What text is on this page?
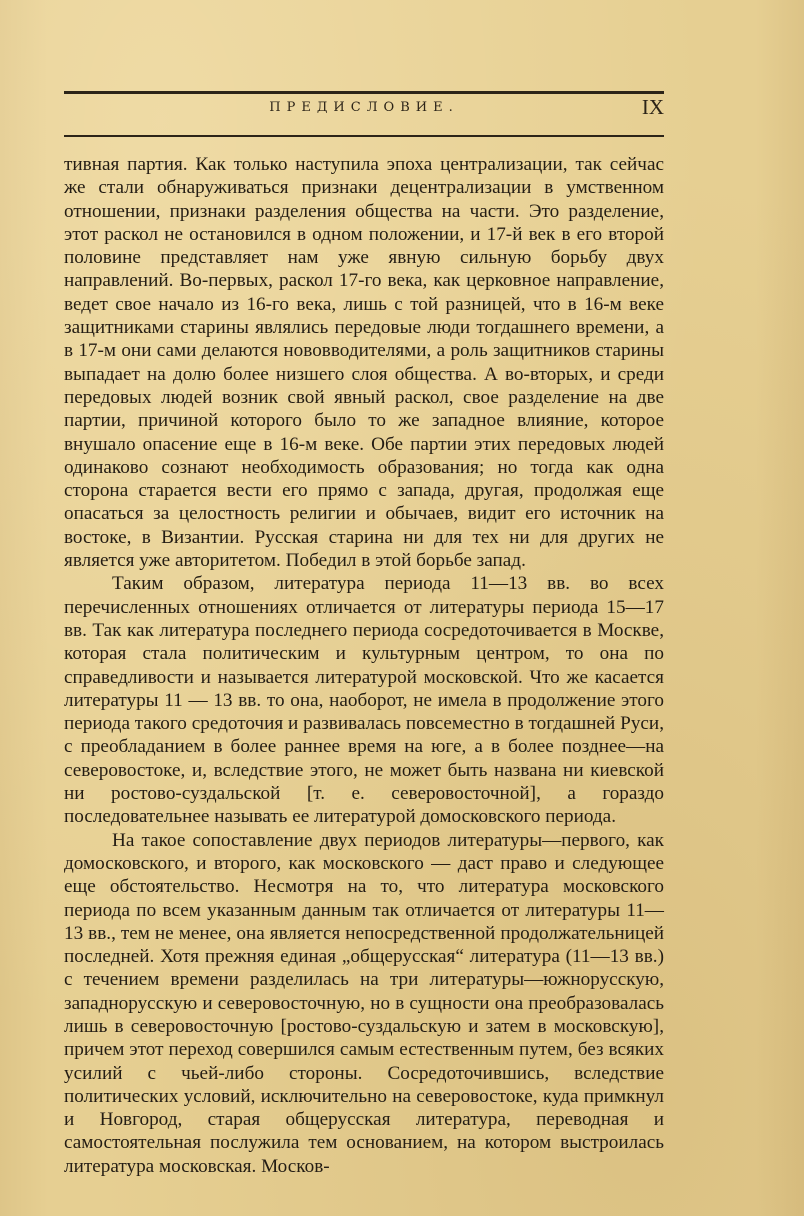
ПРЕДИСЛОВИЕ.	IX

тивная партия. Как только наступила эпоха централизации, так сейчас же стали обнаруживаться признаки децентрализации в умственном отношении, признаки разделения общества на части. Это разделение, этот раскол не остановился в одном положении, и 17-й век в его второй половине представляет нам уже явную сильную борьбу двух направлений. Во-первых, раскол 17-го века, как церковное направление, ведет свое начало из 16-го века, лишь с той разницей, что в 16-м веке защитниками старины являлись передовые люди тогдашнего времени, а в 17-м они сами делаются нововводителями, а роль защитников старины выпадает на долю более низшего слоя общества. А во-вторых, и среди передовых людей возник свой явный раскол, свое разделение на две партии, причиной которого было то же западное влияние, которое внушало опасение еще в 16-м веке. Обе партии этих передовых людей одинаково сознают необходимость образования; но тогда как одна сторона старается вести его прямо с запада, другая, продолжая еще опасаться за целостность религии и обычаев, видит его источник на востоке, в Византии. Русская старина ни для тех ни для других не является уже авторитетом. Победил в этой борьбе запад.

Таким образом, литература периода 11—13 вв. во всех перечисленных отношениях отличается от литературы периода 15—17 вв. Так как литература последнего периода сосредоточивается в Москве, которая стала политическим и культурным центром, то она по справедливости и называется литературой московской. Что же касается литературы 11 — 13 вв. то она, наоборот, не имела в продолжение этого периода такого средоточия и развивалась повсеместно в тогдашней Руси, с преобладанием в более раннее время на юге, а в более позднее—на северовостоке, и, вследствие этого, не может быть названа ни киевской ни ростово-суздальской [т. е. северовосточной], а гораздо последовательнее называть ее литературой домосковского периода.

На такое сопоставление двух периодов литературы—первого, как домосковского, и второго, как московского — даст право и следующее еще обстоятельство. Несмотря на то, что литература московского периода по всем указанным данным так отличается от литературы 11—13 вв., тем не менее, она является непосредственной продолжательницей последней. Хотя прежняя единая „общерусская“ литература (11—13 вв.) с течением времени разделилась на три литературы—южнорусскую, западнорусскую и северовосточную, но в сущности она преобразовалась лишь в северовосточную [ростово-суздальскую и затем в московскую], причем этот переход совершился самым естественным путем, без всяких усилий с чьей-либо стороны. Сосредоточившись, вследствие политических условий, исключительно на северовостоке, куда примкнул и Новгород, старая общерусская литература, переводная и самостоятельная послужила тем основанием, на котором выстроилась литература московская. Москов-
